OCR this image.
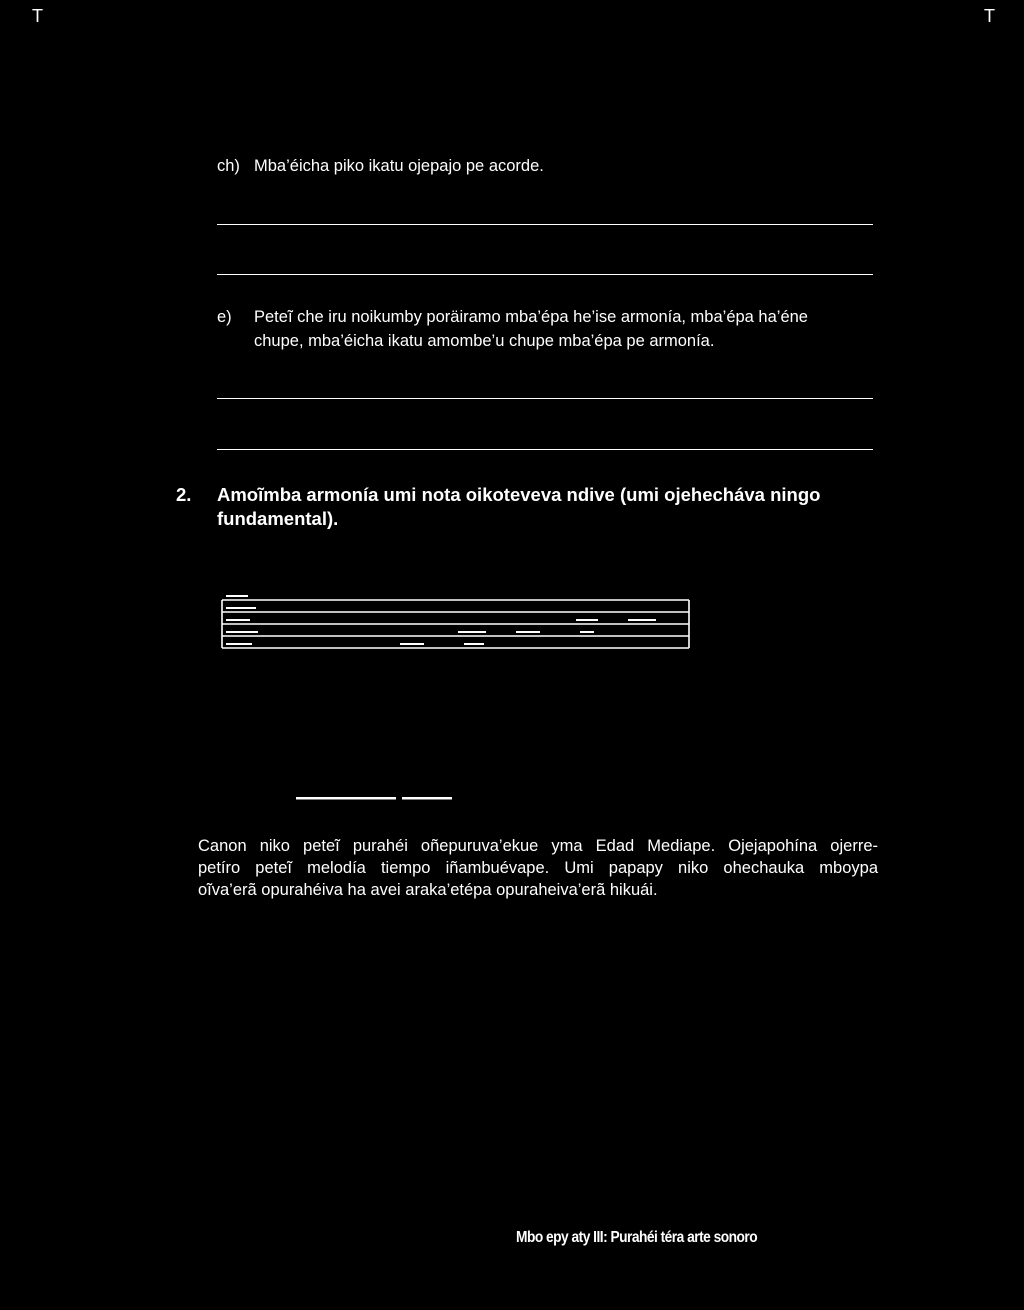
T	T
ch) Mba’éicha piko ikatu ojepajo pe acorde.
e) Peteĩ che iru noikumby poräiramo mba’épa he’ise armonía, mba’épa ha’éne
chupe, mba’éicha ikatu amombe’u chupe mba’épa pe armonía.
2. Amoĩmba armonía umi nota oikoteveva ndive (umi ojehecháva ningo
fundamental).
Canon niko peteĩ purahéi oñepuruva’ekue yma Edad Mediape. Ojejapohína ojerre-
petíro peteĩ melodía tiempo iñambuévape. Umi papapy niko ohechauka mboypa
oĩva’erã opurahéiva ha avei araka’etépa opuraheiva’erã hikuái.
Mbo epy aty III: Purahéi téra arte sonoro
